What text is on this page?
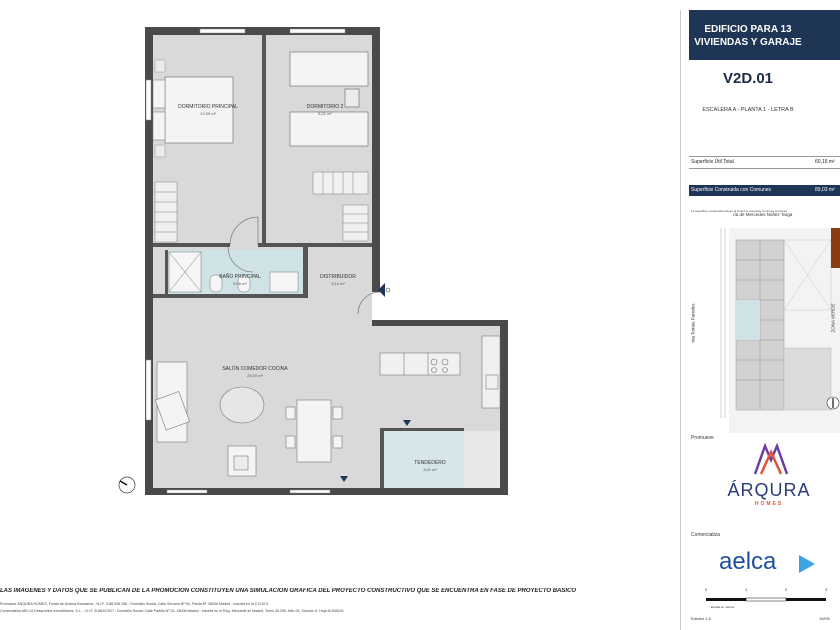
DORMITORIO PRINCIPAL
12,99 m²
DORMITORIO 2
8,21 m²
BAÑO PRINCIPAL
5,06 m²
DISTRIBUIDOR
3,14 m²
SALÓN COMEDOR COCINA
25,00 m²
TENDEDERO
3,01 m²
LAS IMÁGENES Y DATOS QUE SE PUBLICAN DE LA PROMOCIÓN CONSTITUYEN UNA SIMULACIÓN GRÁFICA DEL PROYECTO CONSTRUCTIVO QUE SE ENCUENTRA EN FASE DE PROYECTO BÁSICO
Promueve ÁRQURA HOMES, Fondo de Activos Bancarios - N.I.F. V-86.936.256 - Domicilio Social: Calle Serrano Nº 90, Planta 6ª, 28006 Madrid - Inscrita en la C.N.M.V.
Comercializa AELCA Desarrollos Inmobiliarios, S.L. - N.I.F. B-86347527 - Domicilio Social: Calle Padilla Nº 32, 28006 Madrid - Inscrita en el Reg. Mercantil de Madrid, Tomo 35.296, folio 24, Sección 8, Hoja M-545101
EDIFICIO PARA 13
VIVIENDAS Y GARAJE
V2D.01
ESCALERA A - PLANTA 1 - LETRA B
Superficie Útil Total	60,16 m²
Superficie Construida con Comunes	89,03 m²
La superficie construida incluye el % de los espacios comunes comunes
ría de Mercedes Núñez Targa
rúa Tomás Paredes	ZONA VERDE
Promueve
ÁRQURA
HOMES
Comercializa
aelca
0	1	2	3
Escala en metros
Edición 1.6	19/09/
